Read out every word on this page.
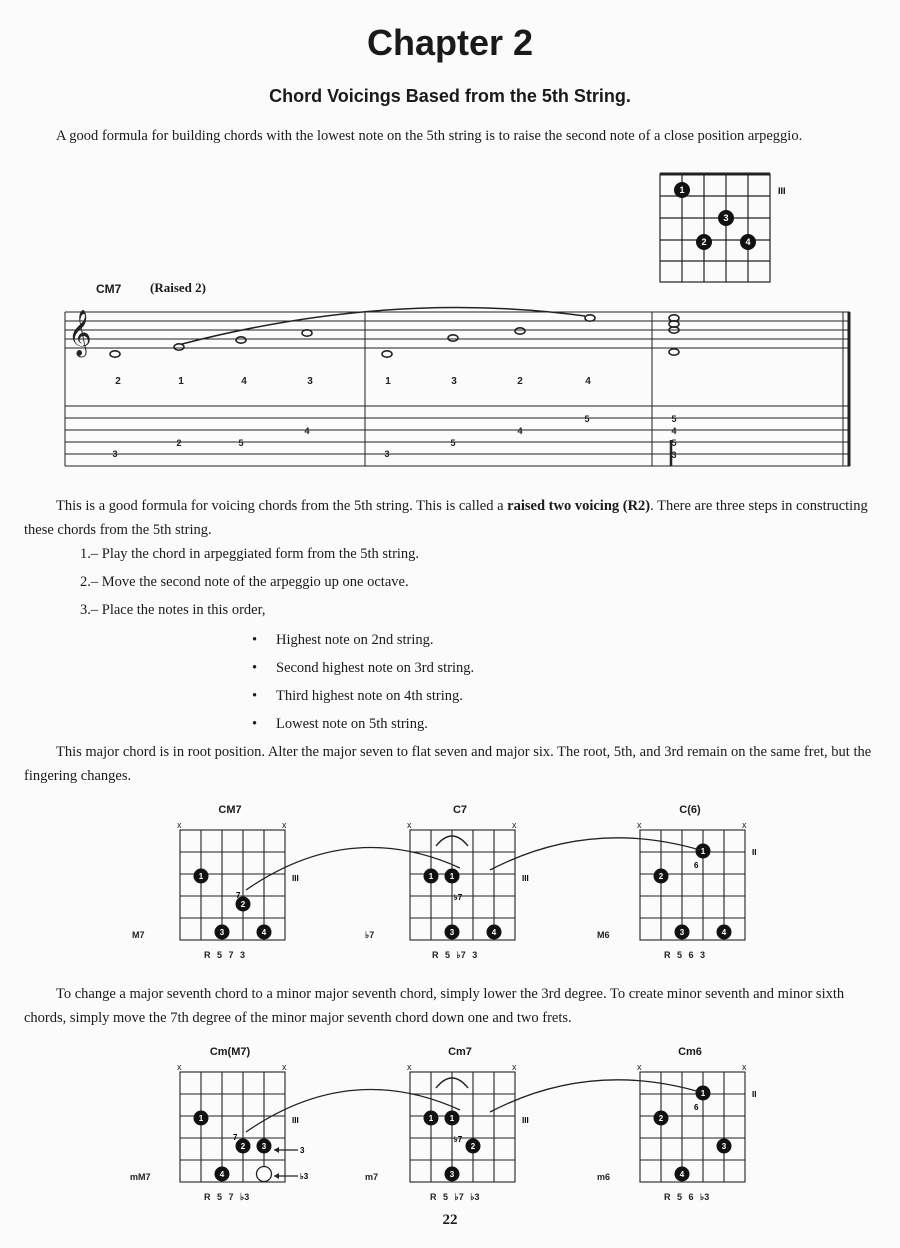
Chapter 2
Chord Voicings Based from the 5th String.
A good formula for building chords with the lowest note on the 5th string is to raise the second note of a close position arpeggio.
1
3
2	4
III
CM7 (Raised 2)
𝄞
2	1	4	3	1	3	2	4
3
2	5
4
3
5
4
5	5
4
5
3
This is a good formula for voicing chords from the 5th string. This is called a raised two voicing (R2). There are three steps in constructing these chords from the 5th string.
1.– Play the chord in arpeggiated form from the 5th string.
2.– Move the second note of the arpeggio up one octave.
3.– Place the notes in this order,
• Highest note on 2nd string.
• Second highest note on 3rd string.
• Third highest note on 4th string.
• Lowest note on 5th string.
This major chord is in root position. Alter the major seven to flat seven and major six. The root, 5th, and 3rd remain on the same fret, but the fingering changes.
CM7	C7	C(6)
x	x
1
2
3	4
7
III	1 1
3	4
♭7
III	2
1
3	4
6
II
M7	♭7	M6
R 5 7 3	R 5 ♭7 3	R 5 6 3
To change a major seventh chord to a minor major seventh chord, simply lower the 3rd degree. To create minor seventh and minor sixth chords, simply move the 7th degree of the minor major seventh chord down one and two frets.
Cm(M7)	Cm7	Cm6
x	x
1
2 3
4
7
III
3
♭3
1 1
2
3
♭7
III	2
1
3
4
6
II
mM7	m7	m6
R 5 7 ♭3	R 5 ♭7 ♭3	R 5 6 ♭3
22
